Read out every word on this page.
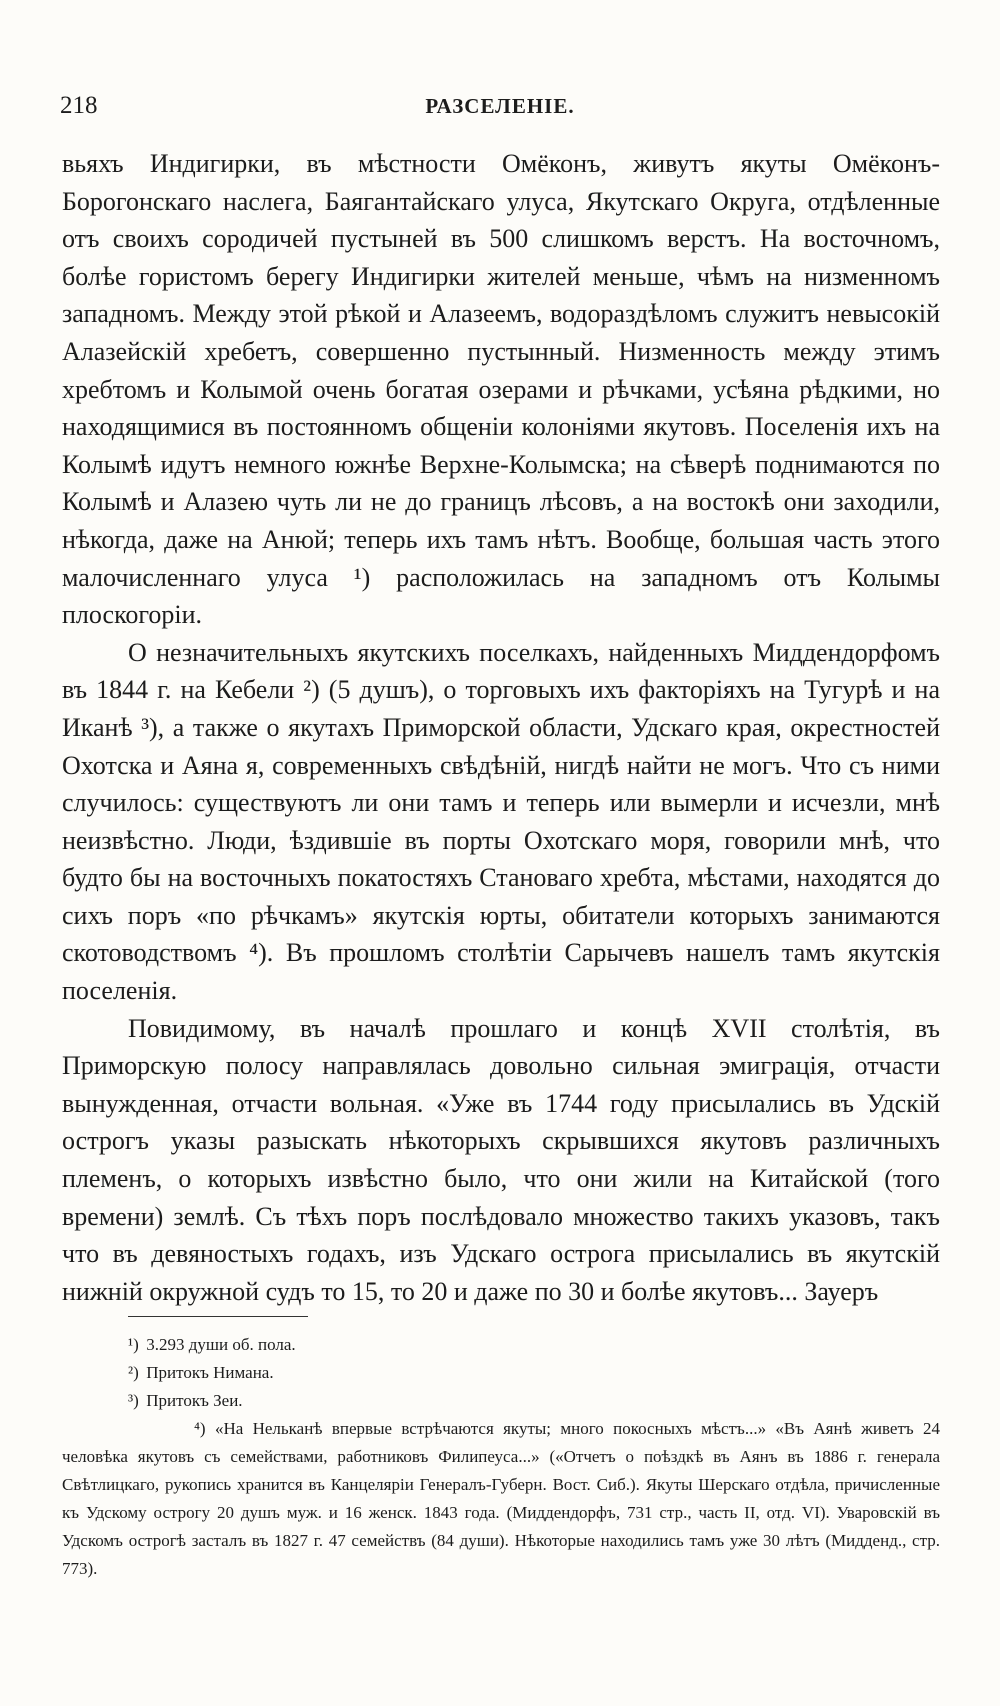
218	РАЗСЕЛЕНІЕ.

вьяхъ Индигирки, въ мѣстности Омёконъ, живутъ якуты Омёконъ-Борогонскаго наслега, Баягантайскаго улуса, Якутскаго Округа, отдѣленные отъ своихъ сородичей пустыней въ 500 слишкомъ верстъ. На восточномъ, болѣе гористомъ берегу Индигирки жителей меньше, чѣмъ на низменномъ западномъ. Между этой рѣкой и Алазеемъ, водораздѣломъ служитъ невысокій Алазейскій хребетъ, совершенно пустынный. Низменность между этимъ хребтомъ и Колымой очень богатая озерами и рѣчками, усѣяна рѣдкими, но находящимися въ постоянномъ общеніи колоніями якутовъ. Поселенія ихъ на Колымѣ идутъ немного южнѣе Верхне-Колымска; на сѣверѣ поднимаются по Колымѣ и Алазею чуть ли не до границъ лѣсовъ, а на востокѣ они заходили, нѣкогда, даже на Анюй; теперь ихъ тамъ нѣтъ. Вообще, большая часть этого малочисленнаго улуса ¹) расположилась на западномъ отъ Колымы плоскогоріи.

О незначительныхъ якутскихъ поселкахъ, найденныхъ Миддендорфомъ въ 1844 г. на Кебели ²) (5 душъ), о торговыхъ ихъ факторіяхъ на Тугурѣ и на Иканѣ ³), а также о якутахъ Приморской области, Удскаго края, окрестностей Охотска и Аяна я, современныхъ свѣдѣній, нигдѣ найти не могъ. Что съ ними случилось: существуютъ ли они тамъ и теперь или вымерли и исчезли, мнѣ неизвѣстно. Люди, ѣздившіе въ порты Охотскаго моря, говорили мнѣ, что будто бы на восточныхъ покатостяхъ Становаго хребта, мѣстами, находятся до сихъ поръ «по рѣчкамъ» якутскія юрты, обитатели которыхъ занимаются скотоводствомъ ⁴). Въ прошломъ столѣтіи Сарычевъ нашелъ тамъ якутскія поселенія.

Повидимому, въ началѣ прошлаго и концѣ XVII столѣтія, въ Приморскую полосу направлялась довольно сильная эмиграція, отчасти вынужденная, отчасти вольная. «Уже въ 1744 году присылались въ Удскій острогъ указы разыскать нѣкоторыхъ скрывшихся якутовъ различныхъ племенъ, о которыхъ извѣстно было, что они жили на Китайской (того времени) землѣ. Съ тѣхъ поръ послѣдовало множество такихъ указовъ, такъ что въ девяностыхъ годахъ, изъ Удскаго острога присылались въ якутскій нижній окружной судъ то 15, то 20 и даже по 30 и болѣе якутовъ... Зауеръ

¹) 3.293 души об. пола.

²) Притокъ Нимана.

³) Притокъ Зеи.

⁴) «На Нельканѣ впервые встрѣчаются якуты; много покосныхъ мѣстъ...» «Въ Аянѣ живетъ 24 человѣка якутовъ съ семействами, работниковъ Филипеуса...» («Отчетъ о поѣздкѣ въ Аянъ въ 1886 г. генерала Свѣтлицкаго, рукопись хранится въ Канцеляріи Генералъ-Губерн. Вост. Сиб.). Якуты Шерскаго отдѣла, причисленные къ Удскому острогу 20 душъ муж. и 16 женск. 1843 года. (Миддендорфъ, 731 стр., часть II, отд. VI). Уваровскій въ Удскомъ острогѣ засталъ въ 1827 г. 47 семействъ (84 души). Нѣкоторые находились тамъ уже 30 лѣтъ (Мидденд., стр. 773).
